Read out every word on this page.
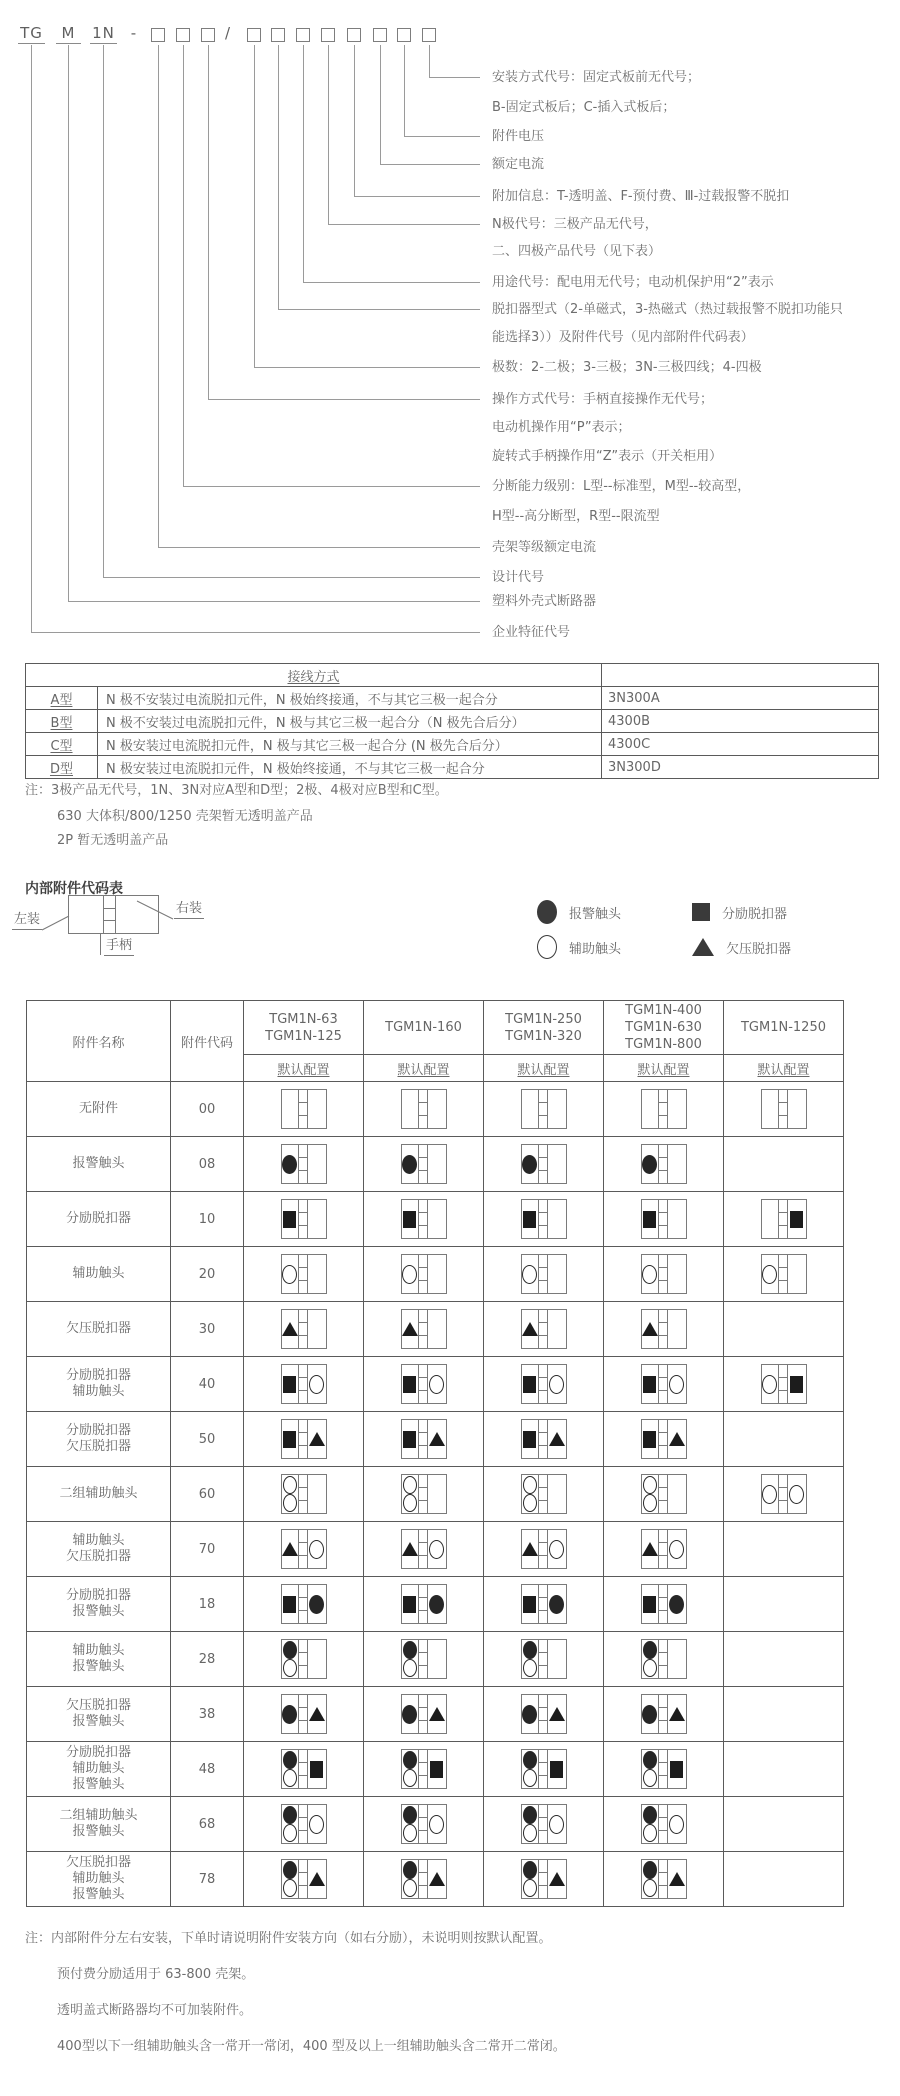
TG	M	1N	-	/
安装方式代号：固定式板前无代号；
B-固定式板后；C-插入式板后；
附件电压
额定电流
附加信息：T-透明盖、F-预付费、Ⅲ-过载报警不脱扣
N极代号：三极产品无代号，
二、四极产品代号（见下表）
用途代号：配电用无代号；电动机保护用“2”表示
脱扣器型式（2-单磁式，3-热磁式（热过载报警不脱扣功能只
能选择3））及附件代号（见内部附件代码表）
极数：2-二极；3-三极；3N-三极四线；4-四极
操作方式代号：手柄直接操作无代号；
电动机操作用“P”表示；
旋转式手柄操作用“Z”表示（开关柜用）
分断能力级别：L型--标准型，M型--较高型，
H型--高分断型，R型--限流型
壳架等级额定电流
设计代号
塑料外壳式断路器
企业特征代号
接线方式		
A型	N 极不安装过电流脱扣元件，N 极始终接通，不与其它三极一起合分	3N300A
B型	N 极不安装过电流脱扣元件，N 极与其它三极一起合分（N 极先合后分）	4300B
C型	N 极安装过电流脱扣元件，N 极与其它三极一起合分 (N 极先合后分）	4300C
D型	N 极安装过电流脱扣元件，N 极始终接通，不与其它三极一起合分	3N300D
内部附件代码表
左装
手柄
右装	报警触头	分励脱扣器
辅助触头	欠压脱扣器
附件名称	附件代码	
TGM1N-63
TGM1N-125

TGM1N-160

TGM1N-250
TGM1N-320

TGM1N-400
TGM1N-630
TGM1N-800

TGM1N-1250

		默认配置	默认配置	默认配置	默认配置	默认配置

无附件	00	

报警触头	08	

分励脱扣器	10	

辅助触头	20	

欠压脱扣器	30	

分励脱扣器
辅助触头	40	

分励脱扣器
欠压脱扣器	50	

二组辅助触头	60	

辅助触头
欠压脱扣器	70	

分励脱扣器
报警触头	18	

辅助触头
报警触头	28	

欠压脱扣器
报警触头	38	

分励脱扣器
辅助触头
报警触头	48	

二组辅助触头
报警触头	68	

欠压脱扣器
辅助触头
报警触头	78	

注：3极产品无代号，1N、3N对应A型和D型；2极、4极对应B型和C型。
630 大体积/800/1250 壳架暂无透明盖产品
2P 暂无透明盖产品
注：内部附件分左右安装，下单时请说明附件安装方向（如右分励），未说明则按默认配置。
预付费分励适用于 63-800 壳架。
透明盖式断路器均不可加装附件。
400型以下一组辅助触头含一常开一常闭，400 型及以上一组辅助触头含二常开二常闭。
